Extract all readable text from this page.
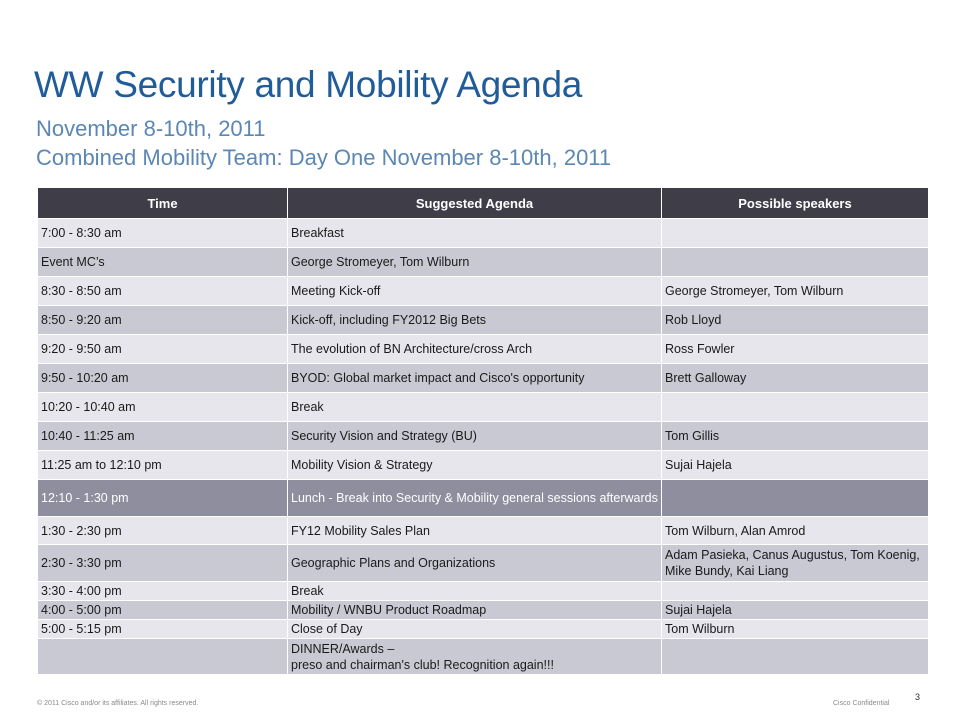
WW Security and Mobility Agenda
November 8-10th, 2011
Combined Mobility Team: Day One November 8-10th, 2011
Time	Suggested Agenda	Possible speakers
7:00 - 8:30 am	Breakfast	
Event MC’s	George Stromeyer, Tom Wilburn	
8:30 - 8:50 am	Meeting Kick-off	George Stromeyer, Tom Wilburn
8:50 - 9:20 am	Kick-off, including FY2012 Big Bets	Rob Lloyd
9:20 - 9:50 am	The evolution of BN Architecture/cross Arch	Ross Fowler
9:50 - 10:20 am	BYOD: Global market impact and Cisco's opportunity	Brett Galloway
10:20 - 10:40 am	Break	
10:40 - 11:25 am	Security Vision and Strategy (BU)	Tom Gillis
11:25 am to 12:10 pm	Mobility Vision & Strategy	Sujai Hajela
12:10 - 1:30 pm	Lunch - Break into Security & Mobility general sessions afterwards	
1:30 - 2:30 pm	FY12 Mobility Sales Plan	Tom Wilburn, Alan Amrod
2:30 - 3:30 pm	Geographic Plans and Organizations	Adam Pasieka, Canus Augustus, Tom Koenig, Mike Bundy, Kai Liang
3:30 - 4:00 pm	Break	
4:00 - 5:00 pm	Mobility / WNBU Product Roadmap	Sujai Hajela
5:00 - 5:15 pm	Close of Day	Tom Wilburn
	DINNER/Awards –
preso and chairman's club! Recognition again!!!	
© 2011 Cisco and/or its affiliates. All rights reserved.	Cisco Confidential
3
